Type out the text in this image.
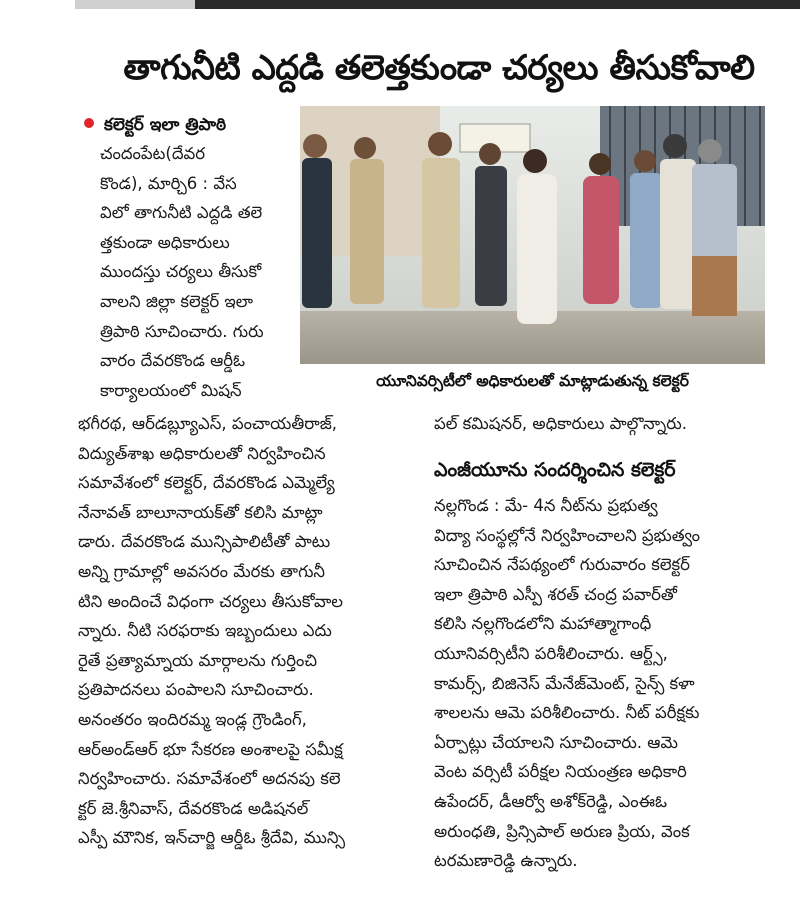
తాగునీటి ఎద్దడి తలెత్తకుండా చర్యలు తీసుకోవాలి
కలెక్టర్ ఇలా త్రిపాఠి
చందంపేట(దేవర
కొండ), మార్చి6 : వేస
విలో తాగునీటి ఎద్దడి తలె
త్తకుండా అధికారులు
ముందస్తు చర్యలు తీసుకో
వాలని జిల్లా కలెక్టర్ ఇలా
త్రిపాఠి సూచించారు. గురు
వారం దేవరకొండ ఆర్డీఓ
కార్యాలయంలో మిషన్
భగీరథ, ఆర్‌డబ్ల్యూఎస్, పంచాయతీరాజ్,
విద్యుత్‌శాఖ అధికారులతో నిర్వహించిన
సమావేశంలో కలెక్టర్, దేవరకొండ ఎమ్మెల్యే
నేనావత్ బాలూనాయక్‌తో కలిసి మాట్లా
డారు. దేవరకొండ మున్సిపాలిటీతో పాటు
అన్ని గ్రామాల్లో అవసరం మేరకు తాగునీ
టిని అందించే విధంగా చర్యలు తీసుకోవాల
న్నారు. నీటి సరఫరాకు ఇబ్బందులు ఎదు
రైతే ప్రత్యామ్నాయ మార్గాలను గుర్తించి
ప్రతిపాదనలు పంపాలని సూచించారు.
అనంతరం ఇందిరమ్మ ఇండ్ల గ్రౌండింగ్,
ఆర్‌అండ్‌ఆర్ భూ సేకరణ అంశాలపై సమీక్ష
నిర్వహించారు. సమావేశంలో అదనపు కలె
క్టర్ జె.శ్రీనివాస్, దేవరకొండ అడిషనల్
ఎస్పీ మౌనిక, ఇన్‌చార్జి ఆర్డీఓ శ్రీదేవి, మున్సి
యూనివర్సిటీలో అధికారులతో మాట్లాడుతున్న కలెక్టర్
పల్ కమిషనర్, అధికారులు పాల్గొన్నారు.
ఎంజీయూను సందర్శించిన కలెక్టర్
నల్లగొండ : మే- 4న నీట్‌ను ప్రభుత్వ
విద్యా సంస్థల్లోనే నిర్వహించాలని ప్రభుత్వం
సూచించిన నేపథ్యంలో గురువారం కలెక్టర్
ఇలా త్రిపాఠి ఎస్పీ శరత్ చంద్ర పవార్‌తో
కలిసి నల్లగొండలోని మహాత్మాగాంధీ
యూనివర్సిటీని పరిశీలించారు. ఆర్ట్స్,
కామర్స్, బిజినెస్ మేనేజ్‌మెంట్, సైన్స్ కళా
శాలలను ఆమె పరిశీలించారు. నీట్ పరీక్షకు
ఏర్పాట్లు చేయాలని సూచించారు. ఆమె
వెంట వర్సిటీ పరీక్షల నియంత్రణ అధికారి
ఉపేందర్, డీఆర్వో అశోక్‌రెడ్డి, ఎంఈఓ
అరుంధతి, ప్రిన్సిపాల్ అరుణ ప్రియ, వెంక
టరమణారెడ్డి ఉన్నారు.
